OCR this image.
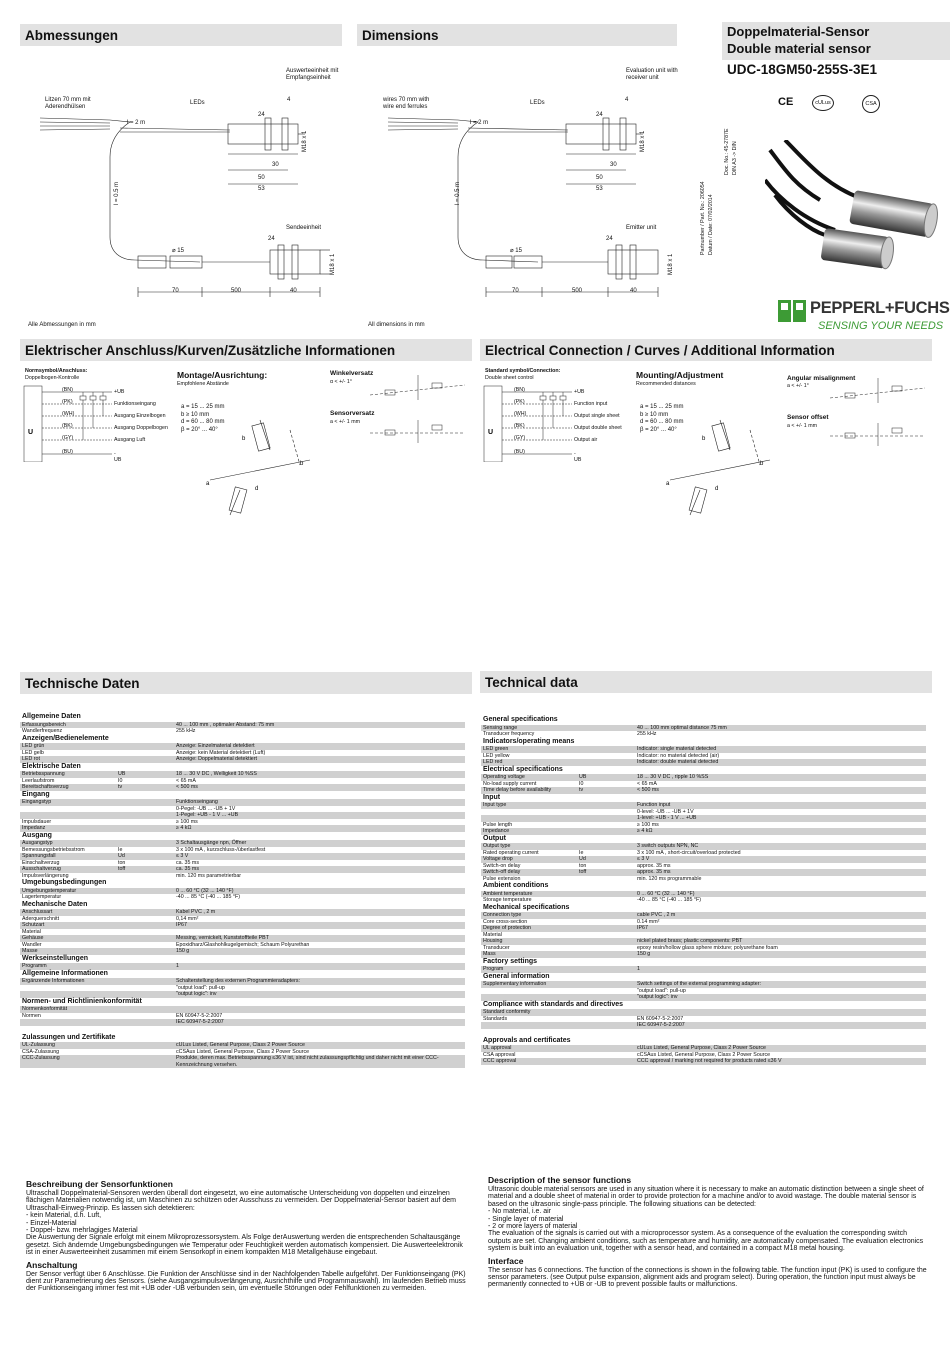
Abmessungen	Dimensions	Doppelmaterial-Sensor
Double material sensor
UDC-18GM50-255S-3E1
CE	cULus	CSA
Partnumber / Part. No.: 206054 Datum / Date: 07/02/2014
Doc. No.: 45-2787E DIN A3 -> DIN
PEPPERL+FUCHS
SENSING YOUR NEEDS
Litzen 70 mm mit
Aderendhülsen
LEDs
Auswerteeinheit mit
Empfangseinheit
Sendeeinheit
l = 2 m
l = 0.5 m
4
24
30
50
53
M18 x 1
24
⌀ 15
M18 x 1
70	500	40
Alle Abmessungen in mm
wires 70 mm with
wire end ferrules
LEDs
Evaluation unit with
receiver unit
Emitter unit
l = 2 m
l = 0.5 m
4
24
30
50
53
M18 x 1
24
⌀ 15
M18 x 1
70	500	40
All dimensions in mm
Elektrischer Anschluss/Kurven/Zusätzliche Informationen
Normsymbol/Anschluss:
Doppelbogen-Kontrolle
U
(BN)
(PK)
(WH)
(BK)
(GY)
(BU)
+UB
Funktionseingang
Ausgang Einzelbogen
Ausgang Doppelbogen
Ausgang Luft
-UB
Montage/Ausrichtung:
Empfohlene Abstände
a = 15 ... 25 mm
b ≥ 10 mm
d = 60 ... 80 mm
β = 20° ... 40°
b
b
a
d
Winkelversatz
α < +/- 1°
Sensorversatz
a < +/- 1 mm
Electrical Connection / Curves / Additional Information
Standard symbol/Connection:
Double sheet control
U
(BN)
(PK)
(WH)
(BK)
(GY)
(BU)
+UB
Function input
Output single sheet
Output double sheet
Output air
-UB
Mounting/Adjustment
Recommended distances
a = 15 ... 25 mm
b ≥ 10 mm
d = 60 ... 80 mm
β = 20° ... 40°
b
b
a
d
Angular misalignment
a < +/- 1°
Sensor offset
a < +/- 1 mm
Technische Daten	Technical data
Allgemeine Daten		
Erfassungsbereich		40 ... 100 mm , optimaler Abstand: 75 mm
Wandlerfrequenz		255 kHz
Anzeigen/Bedienelemente		
LED grün		Anzeige: Einzelmaterial detektiert
LED gelb		Anzeige: kein Material detektiert (Luft)
LED rot		Anzeige: Doppelmaterial detektiert
Elektrische Daten		
Betriebsspannung	UB	18 ... 30 V DC , Welligkeit 10 %SS
Leerlaufstrom	I0	< 65 mA
Bereitschaftsverzug	tv	< 500 ms
Eingang		
Eingangstyp		Funktionseingang
		0-Pegel: -UB ... -UB + 1V
		1-Pegel: +UB - 1 V ... +UB
Impulsdauer		≥ 100 ms
Impedanz		≥ 4 kΩ
Ausgang		
Ausgangstyp		3 Schaltausgänge npn, Öffner
Bemessungsbetriebsstrom	Ie	3 x 100 mA , kurzschluss-/überlastfest
Spannungsfall	Ud	≤ 3 V
Einschaltverzug	ton	ca. 35 ms
Ausschaltverzug	toff	ca. 35 ms
Impulsverlängerung		min. 120 ms parametrierbar
Umgebungsbedingungen		
Umgebungstemperatur		0 ... 60 °C (32 ... 140 °F)
Lagertemperatur		-40 ... 85 °C (-40 ... 185 °F)
Mechanische Daten		
Anschlussart		Kabel PVC , 2 m
Aderquerschnitt		0,14 mm²
Schutzart		IP67
Material		
Gehäuse		Messing, vernickelt, Kunststoffteile PBT
Wandler		Epoxidharz/Glashohlkugelgemisch; Schaum Polyurethan
Masse		150 g
Werkseinstellungen		
Programm		1
Allgemeine Informationen		
Ergänzende Informationen		Schalterstellung des externen Programmieradapters:
		"output load": pull-up
		"output logic": inv
Normen- und Richtlinienkonformität		
Normenkonformität		
Normen		EN 60947-5-2:2007
		IEC 60947-5-2:2007

Zulassungen und Zertifikate		
UL-Zulassung		cULus Listed, General Purpose, Class 2 Power Source
CSA-Zulassung		cCSAus Listed, General Purpose, Class 2 Power Source
CCC-Zulassung		Produkte, deren max. Betriebsspannung ≤36 V ist, sind nicht zulassungspflichtig und daher nicht mit einer CCC-Kennzeichnung versehen.
General specifications		
Sensing range		40 ... 100 mm optimal distance 75 mm
Transducer frequency		255 kHz
Indicators/operating means		
LED green		Indicator: single material detected
LED yellow		Indicator: no material detected (air)
LED red		Indicator: double material detected
Electrical specifications		
Operating voltage	UB	18 ... 30 V DC , ripple 10 %SS
No-load supply current	I0	< 65 mA
Time delay before availability	tv	< 500 ms
Input		
Input type		Function input
		0-level: -UB ... -UB + 1V
		1-level: +UB - 1 V ... +UB
Pulse length		≥ 100 ms
Impedance		≥ 4 kΩ
Output		
Output type		3 switch outputs NPN, NC
Rated operating current	Ie	3 x 100 mA , short-circuit/overload protected
Voltage drop	Ud	≤ 3 V
Switch-on delay	ton	approx. 35 ms
Switch-off delay	toff	approx. 35 ms
Pulse extension		min. 120 ms programmable
Ambient conditions		
Ambient temperature		0 ... 60 °C (32 ... 140 °F)
Storage temperature		-40 ... 85 °C (-40 ... 185 °F)
Mechanical specifications		
Connection type		cable PVC , 2 m
Core cross-section		0.14 mm²
Degree of protection		IP67
Material		
Housing		nickel plated brass; plastic components: PBT
Transducer		epoxy resin/hollow glass sphere mixture; polyurethane foam
Mass		150 g
Factory settings		
Program		1
General information		
Supplementary information		Switch settings of the external programming adapter:
		"output load": pull-up
		"output logic": inv
Compliance with standards and directives		
Standard conformity		
Standards		EN 60947-5-2:2007
		IEC 60947-5-2:2007

Approvals and certificates		
UL approval		cULus Listed, General Purpose, Class 2 Power Source
CSA approval		cCSAus Listed, General Purpose, Class 2 Power Source
CCC approval		CCC approval / marking not required for products rated ≤36 V
Beschreibung der Sensorfunktionen
Ultraschall Doppelmaterial-Sensoren werden überall dort eingesetzt, wo eine automatische Unterscheidung von doppelten und einzelnen flächigen Materialien notwendig ist, um Maschinen zu schützen oder Ausschuss zu vermeiden. Der Doppelmaterial-Sensor basiert auf dem Ultraschall-Einweg-Prinzip. Es lassen sich detektieren:
- kein Material, d.h. Luft,
- Einzel-Material
- Doppel- bzw. mehrlagiges Material
Die Auswertung der Signale erfolgt mit einem Mikroprozessorsystem. Als Folge derAuswertung werden die entsprechenden Schaltausgänge gesetzt. Sich ändernde Umgebungsbedingungen wie Temperatur oder Feuchtigkeit werden automatisch kompensiert. Die Auswerteelektronik ist in einer Auswerteeinheit zusammen mit einem Sensorkopf in einem kompakten M18 Metallgehäuse eingebaut.
Anschaltung
Der Sensor verfügt über 6 Anschlüsse. Die Funktion der Anschlüsse sind in der Nachfolgenden Tabelle aufgeführt. Der Funktionseingang (PK) dient zur Parametrierung des Sensors. (siehe Ausgangsimpulsverlängerung, Ausrichthilfe und Programmauswahl). Im laufenden Betrieb muss der Funktionseingang immer fest mit +UB oder -UB verbunden sein, um eventuelle Störungen oder Fehlfunktionen zu vermeiden.
Description of the sensor functions
Ultrasonic double material sensors are used in any situation where it is necessary to make an automatic distinction between a single sheet of material and a double sheet of material in order to provide protection for a machine and/or to avoid wastage. The double material sensor is based on the ultrasonic single-pass principle. The following situations can be detected:
- No material, i.e. air
- Single layer of material
- 2 or more layers of material
The evaluation of the signals is carried out with a microprocessor system. As a consequence of the evaluation the corresponding switch outputs are set. Changing ambient conditions, such as temperature and humidity, are automatically compensated. The evaluation electronics system is built into an evaluation unit, together with a sensor head, and contained in a compact M18 metal housing.
Interface
The sensor has 6 connections. The function of the connections is shown in the following table. The function input (PK) is used to configure the sensor parameters. (see Output pulse expansion, alignment aids and program select). During operation, the function input must always be permanently connected to +UB or -UB to prevent possible faults or malfunctions.
